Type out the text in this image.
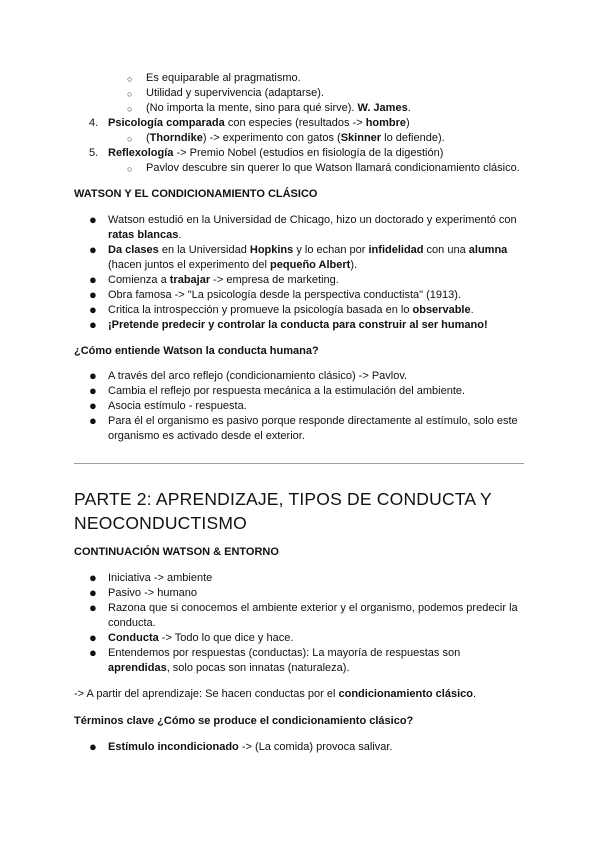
○ Es equiparable al pragmatismo.
○ Utilidad y supervivencia (adaptarse).
○ (No importa la mente, sino para qué sirve). W. James.
4. Psicología comparada con especies (resultados -> hombre)
○ (Thorndike) -> experimento con gatos (Skinner lo defiende).
5. Reflexología -> Premio Nobel (estudios en fisiología de la digestión)
○ Pavlov descubre sin querer lo que Watson llamará condicionamiento clásico.
WATSON Y EL CONDICIONAMIENTO CLÁSICO
● Watson estudió en la Universidad de Chicago, hizo un doctorado y experimentó con
ratas blancas.
● Da clases en la Universidad Hopkins y lo echan por infidelidad con una alumna
(hacen juntos el experimento del pequeño Albert).
● Comienza a trabajar -> empresa de marketing.
● Obra famosa -> "La psicología desde la perspectiva conductista" (1913).
● Critica la introspección y promueve la psicología basada en lo observable.
● ¡Pretende predecir y controlar la conducta para construir al ser humano!
¿Cómo entiende Watson la conducta humana?
● A través del arco reflejo (condicionamiento clásico) -> Pavlov.
● Cambia el reflejo por respuesta mecánica a la estimulación del ambiente.
● Asocia estímulo - respuesta.
● Para él el organismo es pasivo porque responde directamente al estímulo, solo este
organismo es activado desde el exterior.
PARTE 2: APRENDIZAJE, TIPOS DE CONDUCTA Y
NEOCONDUCTISMO
CONTINUACIÓN WATSON & ENTORNO
● Iniciativa -> ambiente
● Pasivo -> humano
● Razona que si conocemos el ambiente exterior y el organismo, podemos predecir la
conducta.
● Conducta -> Todo lo que dice y hace.
● Entendemos por respuestas (conductas): La mayoría de respuestas son
aprendidas, solo pocas son innatas (naturaleza).
-> A partir del aprendizaje: Se hacen conductas por el condicionamiento clásico.
Términos clave ¿Cómo se produce el condicionamiento clásico?
● Estímulo incondicionado -> (La comida) provoca salivar.
